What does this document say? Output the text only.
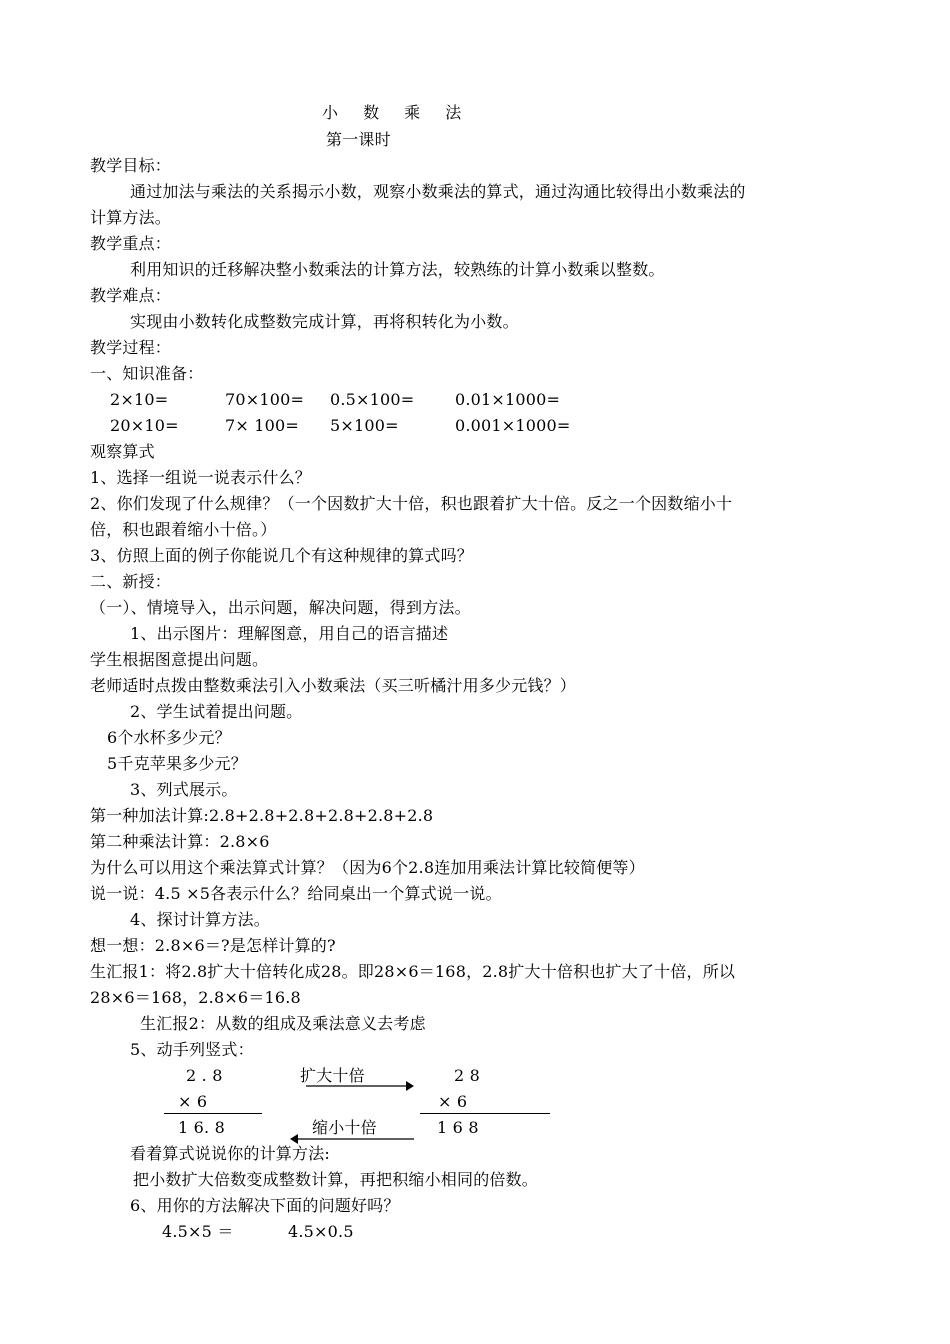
小 数 乘 法
第一课时
教学目标：
通过加法与乘法的关系揭示小数，观察小数乘法的算式，通过沟通比较得出小数乘法的
计算方法。
教学重点：
利用知识的迁移解决整小数乘法的计算方法，较熟练的计算小数乘以整数。
教学难点：
实现由小数转化成整数完成计算，再将积转化为小数。
教学过程：
一、知识准备：
2×10=	70×100= 0.5×100=	0.01×1000=
20×10=	7× 100= 5×100=	0.001×1000=
观察算式
1、选择一组说一说表示什么？
2、你们发现了什么规律？（一个因数扩大十倍，积也跟着扩大十倍。反之一个因数缩小十
倍，积也跟着缩小十倍。）
3、仿照上面的例子你能说几个有这种规律的算式吗？
二、新授：
（一）、情境导入，出示问题，解决问题，得到方法。
1、出示图片：理解图意，用自己的语言描述
学生根据图意提出问题。
老师适时点拨由整数乘法引入小数乘法（买三听橘汁用多少元钱？）
2、学生试着提出问题。
6个水杯多少元？
5千克苹果多少元？
3、列式展示。
第一种加法计算:2.8+2.8+2.8+2.8+2.8+2.8
第二种乘法计算：2.8×6
为什么可以用这个乘法算式计算？（因为6个2.8连加用乘法计算比较简便等）
说一说：4.5 ×5各表示什么？给同桌出一个算式说一说。
4、探讨计算方法。
想一想：2.8×6＝?是怎样计算的?
生汇报1：将2.8扩大十倍转化成28。即28×6＝168，2.8扩大十倍积也扩大了十倍，所以
28×6＝168，2.8×6＝16.8
生汇报2：从数的组成及乘法意义去考虑
5、动手列竖式：
2 . 8
× 6
1 6. 8
扩大十倍
缩小十倍
2 8
× 6
1 6 8
看着算式说说你的计算方法:
把小数扩大倍数变成整数计算，再把积缩小相同的倍数。
6、用你的方法解决下面的问题好吗？
4.5×5 ＝	4.5×0.5
